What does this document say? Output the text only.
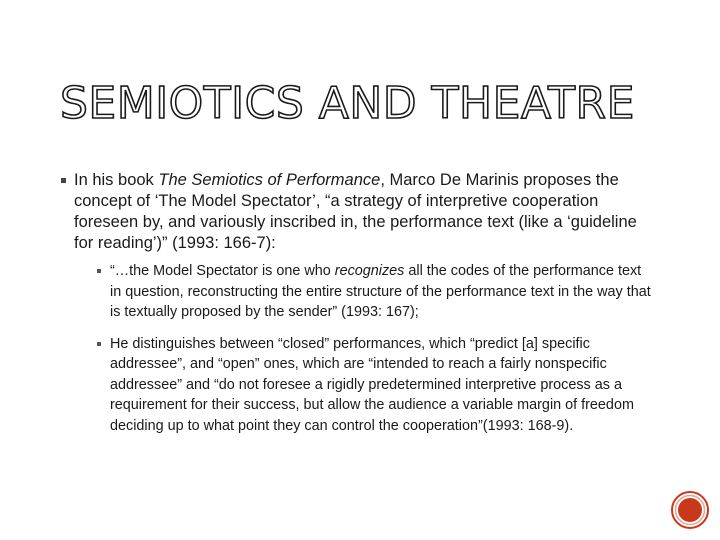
SEMIOTICS AND THEATRE

In his book The Semiotics of Performance, Marco De Marinis proposes the concept of ‘The Model Spectator’, “a strategy of interpretive cooperation foreseen by, and variously inscribed in, the performance text (like a ‘guideline for reading’)” (1993: 166-7):

“…the Model Spectator is one who recognizes all the codes of the performance text in question, reconstructing the entire structure of the performance text in the way that is textually proposed by the sender” (1993: 167);

He distinguishes between “closed” performances, which “predict [a] specific addressee”, and “open” ones, which are “intended to reach a fairly nonspecific addressee” and “do not foresee a rigidly predetermined interpretive process as a requirement for their success, but allow the audience a variable margin of freedom deciding up to what point they can control the cooperation”(1993: 168-9).
